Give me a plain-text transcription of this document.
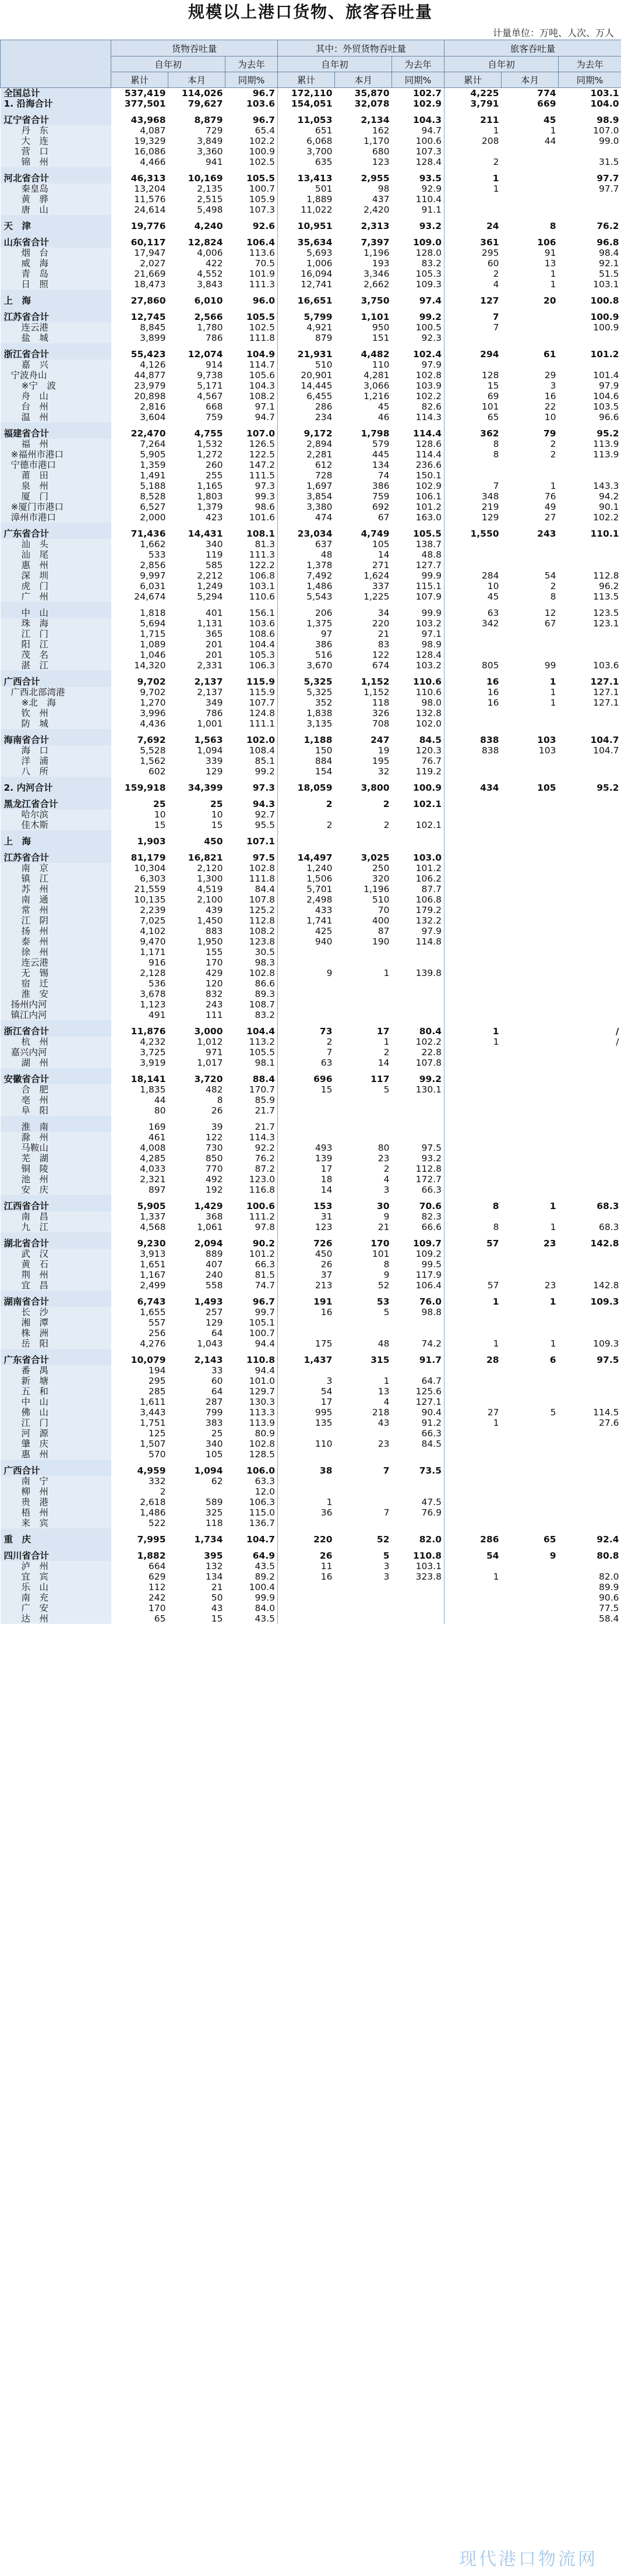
规模以上港口货物、旅客吞吐量
计量单位：万吨、人次、万人
	货物吞吐量			其中：外贸货物吞吐量			旅客吞吐量		
	自年初		为去年	自年初		为去年	自年初		为去年
	累计	本月	同期%	累计	本月	同期%	累计	本月	同期%
全国总计	537,419	114,026	96.7	172,110	35,870	102.7	4,225	774	103.1
1. 沿海合计	377,501	79,627	103.6	154,051	32,078	102.9	3,791	669	104.0
辽宁省合计	43,968	8,879	96.7	11,053	2,134	104.3	211	45	98.9
丹　东	4,087	729	65.4	651	162	94.7	1	1	107.0
大　连	19,329	3,849	102.2	6,068	1,170	100.6	208	44	99.0
营　口	16,086	3,360	100.9	3,700	680	107.3			
锦　州	4,466	941	102.5	635	123	128.4	2		31.5
河北省合计	46,313	10,169	105.5	13,413	2,955	93.5	1		97.7
秦皇岛	13,204	2,135	100.7	501	98	92.9	1		97.7
黄　骅	11,576	2,515	105.9	1,889	437	110.4			
唐　山	24,614	5,498	107.3	11,022	2,420	91.1			
天　津	19,776	4,240	92.6	10,951	2,313	93.2	24	8	76.2
山东省合计	60,117	12,824	106.4	35,634	7,397	109.0	361	106	96.8
烟　台	17,947	4,006	113.6	5,693	1,196	128.0	295	91	98.4
威　海	2,027	422	70.5	1,006	193	83.2	60	13	92.1
青　岛	21,669	4,552	101.9	16,094	3,346	105.3	2	1	51.5
日　照	18,473	3,843	111.3	12,741	2,662	109.3	4	1	103.1
上　海	27,860	6,010	96.0	16,651	3,750	97.4	127	20	100.8
江苏省合计	12,745	2,566	105.5	5,799	1,101	99.2	7		100.9
连云港	8,845	1,780	102.5	4,921	950	100.5	7		100.9
盐　城	3,899	786	111.8	879	151	92.3			
浙江省合计	55,423	12,074	104.9	21,931	4,482	102.4	294	61	101.2
嘉　兴	4,126	914	114.7	510	110	97.9			
宁波舟山	44,877	9,738	105.6	20,901	4,281	102.8	128	29	101.4
※宁　波	23,979	5,171	104.3	14,445	3,066	103.9	15	3	97.9
舟　山	20,898	4,567	108.2	6,455	1,216	102.2	69	16	104.6
台　州	2,816	668	97.1	286	45	82.6	101	22	103.5
温　州	3,604	759	94.7	234	46	114.3	65	10	96.6
福建省合计	22,470	4,755	107.0	9,172	1,798	114.4	362	79	95.2
福　州	7,264	1,532	126.5	2,894	579	128.6	8	2	113.9
※福州市港口	5,905	1,272	122.5	2,281	445	114.4	8	2	113.9
宁德市港口	1,359	260	147.2	612	134	236.6			
莆　田	1,491	255	111.5	728	74	150.1			
泉　州	5,188	1,165	97.3	1,697	386	102.9	7	1	143.3
厦　门	8,528	1,803	99.3	3,854	759	106.1	348	76	94.2
※厦门市港口	6,527	1,379	98.6	3,380	692	101.2	219	49	90.1
漳州市港口	2,000	423	101.6	474	67	163.0	129	27	102.2
广东省合计	71,436	14,431	108.1	23,034	4,749	105.5	1,550	243	110.1
汕　头	1,662	340	81.3	637	105	138.7			
汕　尾	533	119	111.3	48	14	48.8			
惠　州	2,856	585	122.2	1,378	271	127.7			
深　圳	9,997	2,212	106.8	7,492	1,624	99.9	284	54	112.8
虎　门	6,031	1,249	103.1	1,486	337	115.1	10	2	96.2
广　州	24,674	5,294	110.6	5,543	1,225	107.9	45	8	113.5
中　山	1,818	401	156.1	206	34	99.9	63	12	123.5
珠　海	5,694	1,131	103.6	1,375	220	103.2	342	67	123.1
江　门	1,715	365	108.6	97	21	97.1			
阳　江	1,089	201	104.4	386	83	98.9			
茂　名	1,046	201	105.3	516	122	128.4			
湛　江	14,320	2,331	106.3	3,670	674	103.2	805	99	103.6
广西合计	9,702	2,137	115.9	5,325	1,152	110.6	16	1	127.1
广西北部湾港	9,702	2,137	115.9	5,325	1,152	110.6	16	1	127.1
※北　海	1,270	349	107.7	352	118	98.0	16	1	127.1
钦　州	3,996	786	124.8	1,838	326	132.8			
防　城	4,436	1,001	111.1	3,135	708	102.0			
海南省合计	7,692	1,563	102.0	1,188	247	84.5	838	103	104.7
海　口	5,528	1,094	108.4	150	19	120.3	838	103	104.7
洋　浦	1,562	339	85.1	884	195	76.7			
八　所	602	129	99.2	154	32	119.2			
2. 内河合计	159,918	34,399	97.3	18,059	3,800	100.9	434	105	95.2
黑龙江省合计	25	25	94.3	2	2	102.1			
哈尔滨	10	10	92.7						
佳木斯	15	15	95.5	2	2	102.1			
上　海	1,903	450	107.1						
江苏省合计	81,179	16,821	97.5	14,497	3,025	103.0			
南　京	10,304	2,120	102.8	1,240	250	101.2			
镇　江	6,303	1,300	111.8	1,506	320	106.2			
苏　州	21,559	4,519	84.4	5,701	1,196	87.7			
南　通	10,135	2,100	107.8	2,498	510	106.8			
常　州	2,239	439	125.2	433	70	179.2			
江　阴	7,025	1,450	112.8	1,741	400	132.2			
扬　州	4,102	883	108.2	425	87	97.9			
泰　州	9,470	1,950	123.8	940	190	114.8			
徐　州	1,171	155	30.5						
连云港	916	170	98.3						
无　锡	2,128	429	102.8	9	1	139.8			
宿　迁	536	120	86.6						
淮　安	3,678	832	89.3						
扬州内河	1,123	243	108.7						
镇江内河	491	111	83.2						
浙江省合计	11,876	3,000	104.4	73	17	80.4	1		/
杭　州	4,232	1,012	113.2	2	1	102.2	1		/
嘉兴内河	3,725	971	105.5	7	2	22.8			
湖　州	3,919	1,017	98.1	63	14	107.8			
安徽省合计	18,141	3,720	88.4	696	117	99.2			
合　肥	1,835	482	170.7	15	5	130.1			
亳　州	44	8	85.9						
阜　阳	80	26	21.7						
淮　南	169	39	21.7						
滁　州	461	122	114.3						
马鞍山	4,008	730	92.2	493	80	97.5			
芜　湖	4,285	850	76.2	139	23	93.2			
铜　陵	4,033	770	87.2	17	2	112.8			
池　州	2,321	492	123.0	18	4	172.7			
安　庆	897	192	116.8	14	3	66.3			
江西省合计	5,905	1,429	100.6	153	30	70.6	8	1	68.3
南　昌	1,337	368	111.2	31	9	82.3			
九　江	4,568	1,061	97.8	123	21	66.6	8	1	68.3
湖北省合计	9,230	2,094	90.2	726	170	109.7	57	23	142.8
武　汉	3,913	889	101.2	450	101	109.2			
黄　石	1,651	407	66.3	26	8	99.5			
荆　州	1,167	240	81.5	37	9	117.9			
宜　昌	2,499	558	74.7	213	52	106.4	57	23	142.8
湖南省合计	6,743	1,493	96.7	191	53	76.0	1	1	109.3
长　沙	1,655	257	99.7	16	5	98.8			
湘　潭	557	129	105.1						
株　洲	256	64	100.7						
岳　阳	4,276	1,043	94.4	175	48	74.2	1	1	109.3
广东省合计	10,079	2,143	110.8	1,437	315	91.7	28	6	97.5
番　禺	194	33	94.4						
新　塘	295	60	101.0	3	1	64.7			
五　和	285	64	129.7	54	13	125.6			
中　山	1,611	287	130.3	17	4	127.1			
佛　山	3,443	799	113.3	995	218	90.4	27	5	114.5
江　门	1,751	383	113.9	135	43	91.2	1		27.6
河　源	125	25	80.9			66.3			
肇　庆	1,507	340	102.8	110	23	84.5			
惠　州	570	105	128.5						
广西合计	4,959	1,094	106.0	38	7	73.5			
南　宁	332	62	63.3						
柳　州	2		12.0						
贵　港	2,618	589	106.3	1		47.5			
梧　州	1,486	325	115.0	36	7	76.9			
来　宾	522	118	136.7						
重　庆	7,995	1,734	104.7	220	52	82.0	286	65	92.4
四川省合计	1,882	395	64.9	26	5	110.8	54	9	80.8
泸　州	664	132	43.5	11	3	103.1			
宜　宾	629	134	89.2	16	3	323.8	1		82.0
乐　山	112	21	100.4						89.9
南　充	242	50	99.9						90.6
广　安	170	43	84.0						77.5
达　州	65	15	43.5						58.4
现代港口物流网
